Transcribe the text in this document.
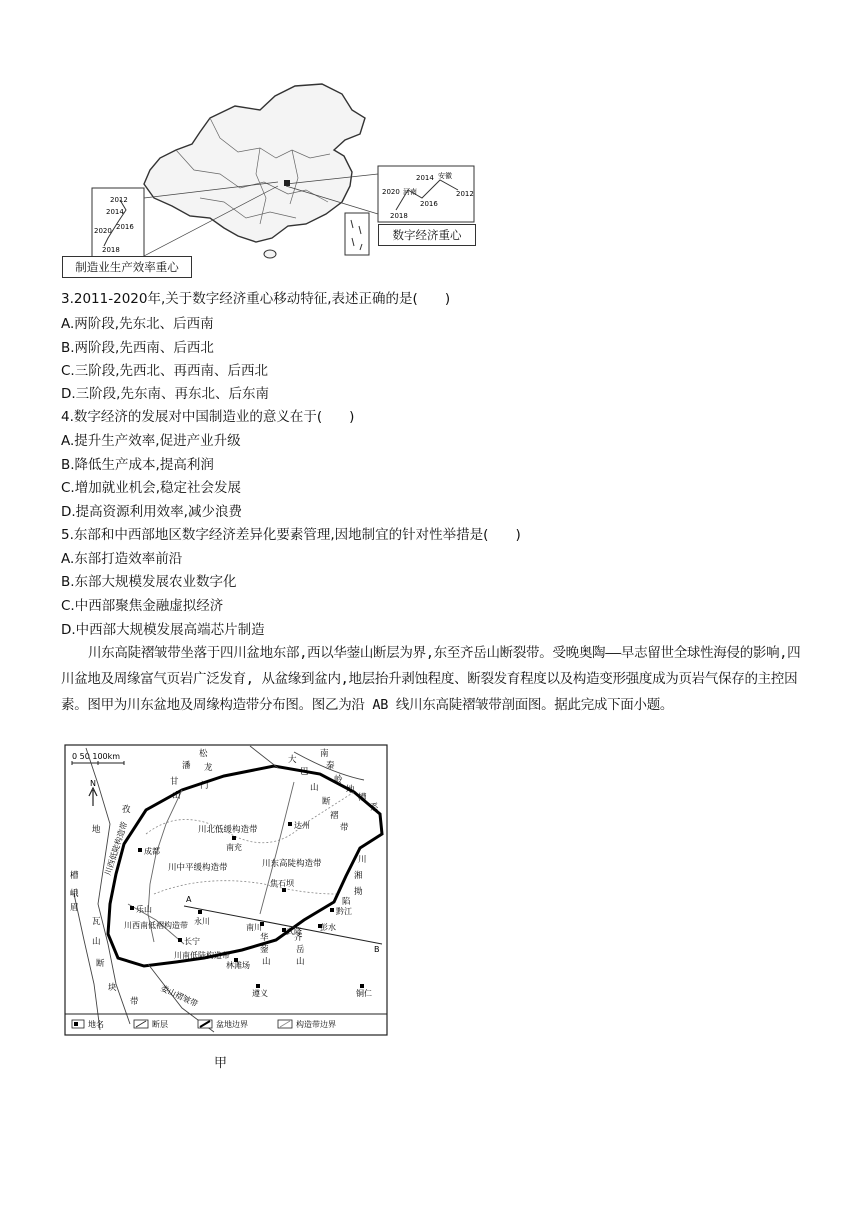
2012
2014
2016
2020
2018
2014 安徽
2020 河南
2016
2012
2018
制造业生产效率重心
数字经济重心
3.2011-2020年,关于数字经济重心移动特征,表述正确的是(　　)
A.两阶段,先东北、后西南
B.两阶段,先西南、后西北
C.三阶段,先西北、再西南、后西北
D.三阶段,先东南、再东北、后东南
4.数字经济的发展对中国制造业的意义在于(　　)
A.提升生产效率,促进产业升级
B.降低生产成本,提高利润
C.增加就业机会,稳定社会发展
D.提高资源利用效率,减少浪费
5.东部和中西部地区数字经济差异化要素管理,因地制宜的针对性举措是(　　)
A.东部打造效率前沿
B.东部大规模发展农业数字化
C.中西部聚焦金融虚拟经济
D.中西部大规模发展高端芯片制造
川东高陡褶皱带坐落于四川盆地东部,西以华蓥山断层为界,东至齐岳山断裂带。受晚奥陶——早志留世全球性海侵的影响,四川盆地及周缘富气页岩广泛发育, 从盆缘到盆内,地层抬升剥蚀程度、断裂发育程度以及构造变形强度成为页岩气保存的主控因素。图甲为川东盆地及周缘构造带分布图。图乙为沿 AB 线川东高陡褶皱带剖面图。据此完成下面小题。
0 50 100km
N
A
B
川北低缓构造带
川中平缓构造带	川东高陡构造带
川西低陡构造带
川西南低褶构造带
川南低陡构造带
娄山褶皱带
达州
成都	南充
乐山
焦石坝
黔江
彭水
武隆
南川
长宁
永川
林滩场
遵义	铜仁
松
潘
甘
孜
地
槽
峨
眉
瓦
山
断
块
带
龙
门
山
大
巴
山
南
秦
岭
地
槽
系
断
褶
带
川
湘
拗
陷
齐
岳
山
华
蓥
山
地名	断层	盆地边界	构造带边界
甲
